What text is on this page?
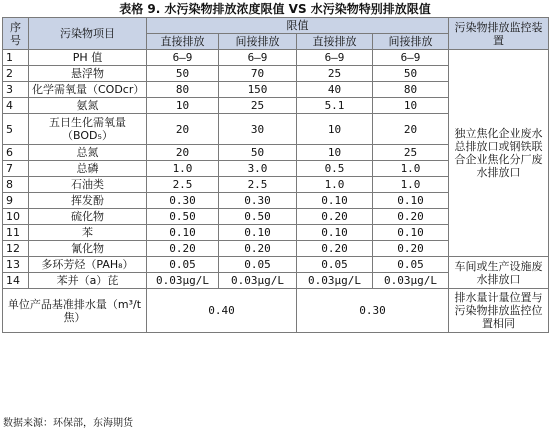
表格 9. 水污染物排放浓度限值 VS 水污染物特别排放限值
序号	污染物项目	限值				污染物排放监控装置
		直接排放	间接排放	直接排放	间接排放	
1	PH 值	6–9	6–9	6–9	6–9	独立焦化企业废水总排放口或钢铁联合企业焦化分厂废水排放口
2	悬浮物	50	70	25	50	
3	化学需氧量（CODcr）	80	150	40	80	
4	氨氮	10	25	5.1	10	
5	五日生化需氧量（BOD₅）	20	30	10	20	
6	总氮	20	50	10	25	
7	总磷	1.0	3.0	0.5	1.0	
8	石油类	2.5	2.5	1.0	1.0	
9	挥发酚	0.30	0.30	0.10	0.10	
10	硫化物	0.50	0.50	0.20	0.20	
11	苯	0.10	0.10	0.10	0.10	
12	氰化物	0.20	0.20	0.20	0.20	
13	多环芳烃（PAH₈）	0.05	0.05	0.05	0.05	车间或生产设施废水排放口
14	苯并（a）芘	0.03μg/L	0.03μg/L	0.03μg/L	0.03μg/L	
单位产品基准排水量（m³/t 焦）		0.40		0.30		排水量计量位置与污染物排放监控位置相同
数据来源：环保部，东海期货
